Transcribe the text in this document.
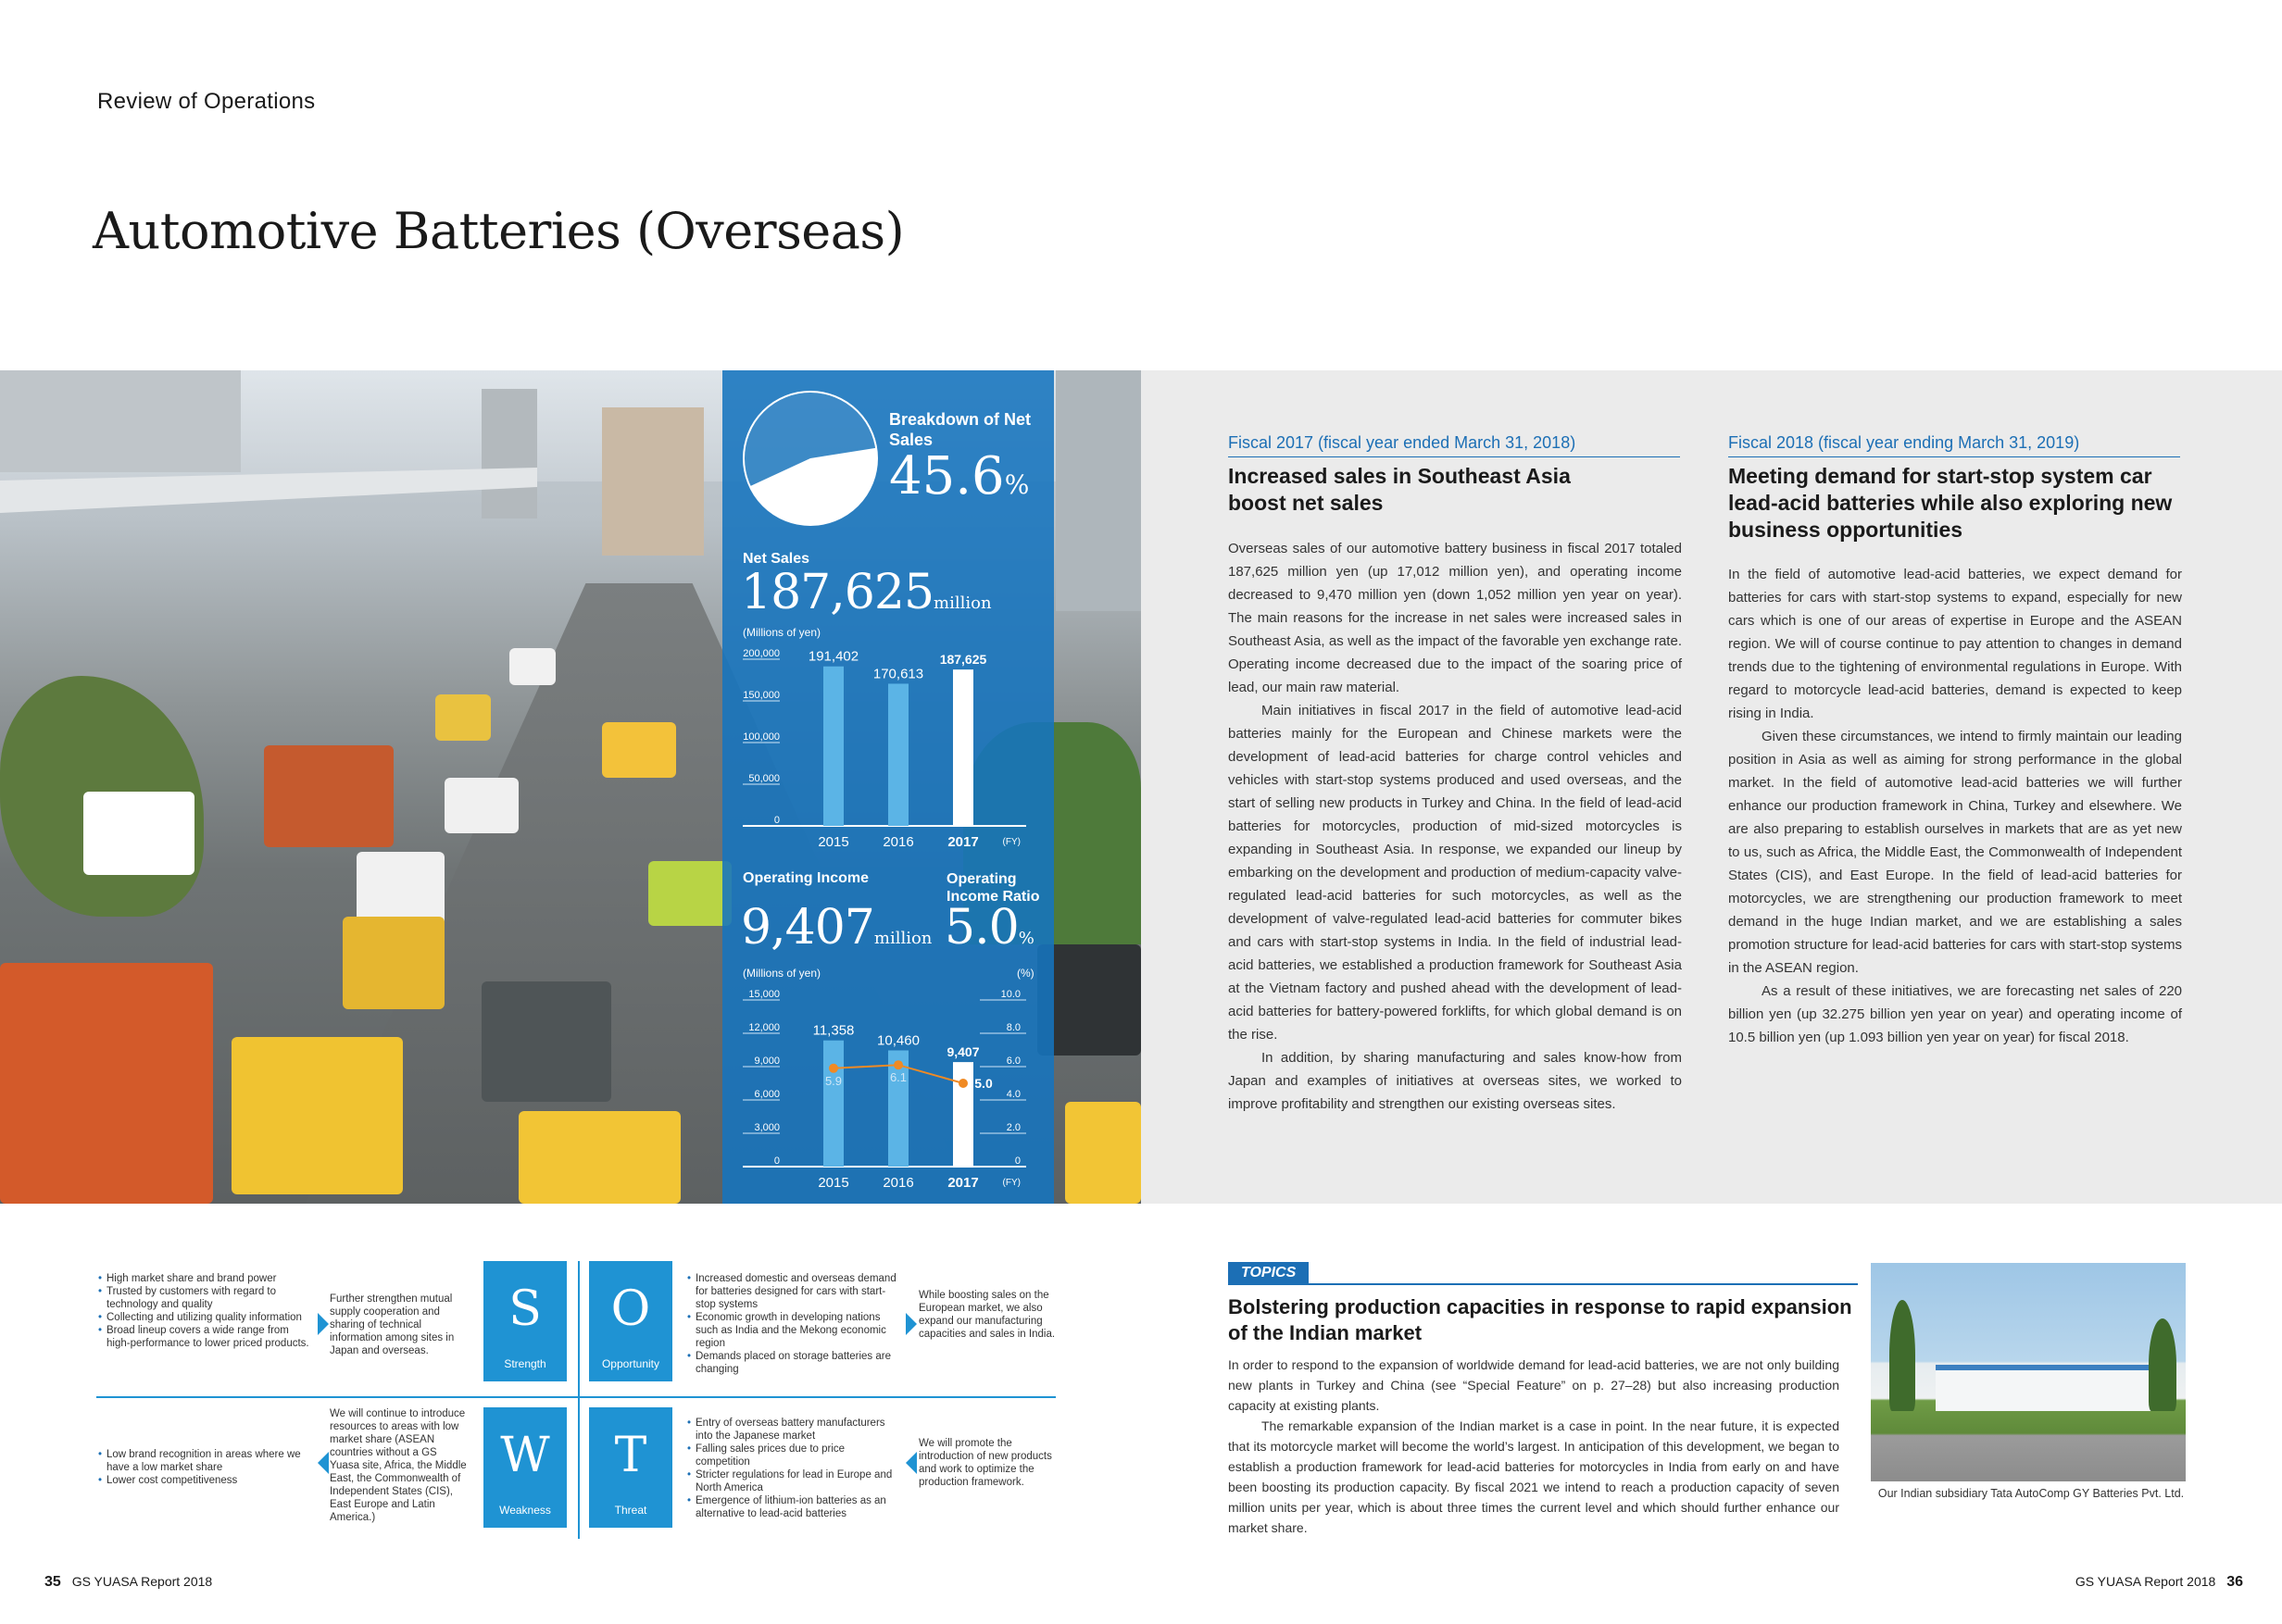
Review of Operations
Automotive Batteries (Overseas)
Breakdown of Net Sales
45.6%
Net Sales
187,625million
(Millions of yen)
0
50,000
100,000
150,000
200,000 191,402
2015
170,613
2016
187,625
2017	(FY)
Operating Income	Operating Income Ratio
9,407million 5.0%
(Millions of yen)	(%)
0
3,000
6,000
9,000
12,000
15,000
11,358
2015
10,460
2016
9,407
2017	(FY)
0
2.0
4.0
6.0
8.0
10.0
5.9	6.1	5.0
Fiscal 2017 (fiscal year ended March 31, 2018)
Increased sales in Southeast Asia boost net sales

Overseas sales of our automotive battery business in fiscal 2017 totaled 187,625 million yen (up 17,012 million yen), and operating income decreased to 9,470 million yen (down 1,052 million yen year on year). The main reasons for the increase in net sales were increased sales in Southeast Asia, as well as the impact of the favorable yen exchange rate. Operating income decreased due to the impact of the soaring price of lead, our main raw material.

Main initiatives in fiscal 2017 in the field of automotive lead-acid batteries mainly for the European and Chinese markets were the development of lead-acid batteries for charge control vehicles and vehicles with start-stop systems produced and used overseas, and the start of selling new products in Turkey and China. In the field of lead-acid batteries for motorcycles, production of mid-sized motorcycles is expanding in Southeast Asia. In response, we expanded our lineup by embarking on the development and production of medium-capacity valve-regulated lead-acid batteries for such motorcycles, as well as the development of valve-regulated lead-acid batteries for commuter bikes and cars with start-stop systems in India. In the field of industrial lead-acid batteries, we established a production framework for Southeast Asia at the Vietnam factory and pushed ahead with the development of lead-acid batteries for battery-powered forklifts, for which global demand is on the rise.

In addition, by sharing manufacturing and sales know-how from Japan and examples of initiatives at overseas sites, we worked to improve profitability and strengthen our existing overseas sites.

Fiscal 2018 (fiscal year ending March 31, 2019)
Meeting demand for start-stop system car lead-acid batteries while also exploring new business opportunities

In the field of automotive lead-acid batteries, we expect demand for batteries for cars with start-stop systems to expand, especially for new cars which is one of our areas of expertise in Europe and the ASEAN region. We will of course continue to pay attention to changes in demand trends due to the tightening of environmental regulations in Europe. With regard to motorcycle lead-acid batteries, demand is expected to keep rising in India.

Given these circumstances, we intend to firmly maintain our leading position in Asia as well as aiming for strong performance in the global market. In the field of automotive lead-acid batteries we will further enhance our production framework in China, Turkey and elsewhere. We are also preparing to establish ourselves in markets that are as yet new to us, such as Africa, the Middle East, the Commonwealth of Independent States (CIS), and East Europe. In the field of lead-acid batteries for motorcycles, we are strengthening our production framework to meet demand in the huge Indian market, and we are establishing a sales promotion structure for lead-acid batteries for cars with start-stop systems in the ASEAN region.

As a result of these initiatives, we are forecasting net sales of 220 billion yen (up 32.275 billion yen year on year) and operating income of 10.5 billion yen (up 1.093 billion yen year on year) for fiscal 2018.

• High market share and brand power
• Trusted by customers with regard to technology and quality
• Collecting and utilizing quality information
• Broad lineup covers a wide range from high-performance to lower priced products.
Further strengthen mutual supply cooperation and sharing of technical information among sites in Japan and overseas.
S
Strength
O
Opportunity
• Increased domestic and overseas demand for batteries designed for cars with start-stop systems
• Economic growth in developing nations such as India and the Mekong economic region
• Demands placed on storage batteries are changing
While boosting sales on the European market, we also expand our manufacturing capacities and sales in India.
• Low brand recognition in areas where we have a low market share
• Lower cost competitiveness
We will continue to introduce resources to areas with low market share (ASEAN countries without a GS Yuasa site, Africa, the Middle East, the Commonwealth of Independent States (CIS), East Europe and Latin America.)
W
Weakness
T
Threat
• Entry of overseas battery manufacturers into the Japanese market
• Falling sales prices due to price competition
• Stricter regulations for lead in Europe and North America
• Emergence of lithium-ion batteries as an alternative to lead-acid batteries
We will promote the introduction of new products and work to optimize the production framework.
TOPICS
Bolstering production capacities in response to rapid expansion of the Indian market

In order to respond to the expansion of worldwide demand for lead-acid batteries, we are not only building new plants in Turkey and China (see “Special Feature” on p. 27–28) but also increasing production capacity at existing plants.

The remarkable expansion of the Indian market is a case in point. In the near future, it is expected that its motorcycle market will become the world’s largest. In anticipation of this development, we began to establish a production framework for lead-acid batteries for motorcycles in India from early on and have been boosting its production capacity. By fiscal 2021 we intend to reach a production capacity of seven million units per year, which is about three times the current level and which should further enhance our market share.

Our Indian subsidiary Tata AutoComp GY Batteries Pvt. Ltd.
35 GS YUASA Report 2018	GS YUASA Report 2018 36
